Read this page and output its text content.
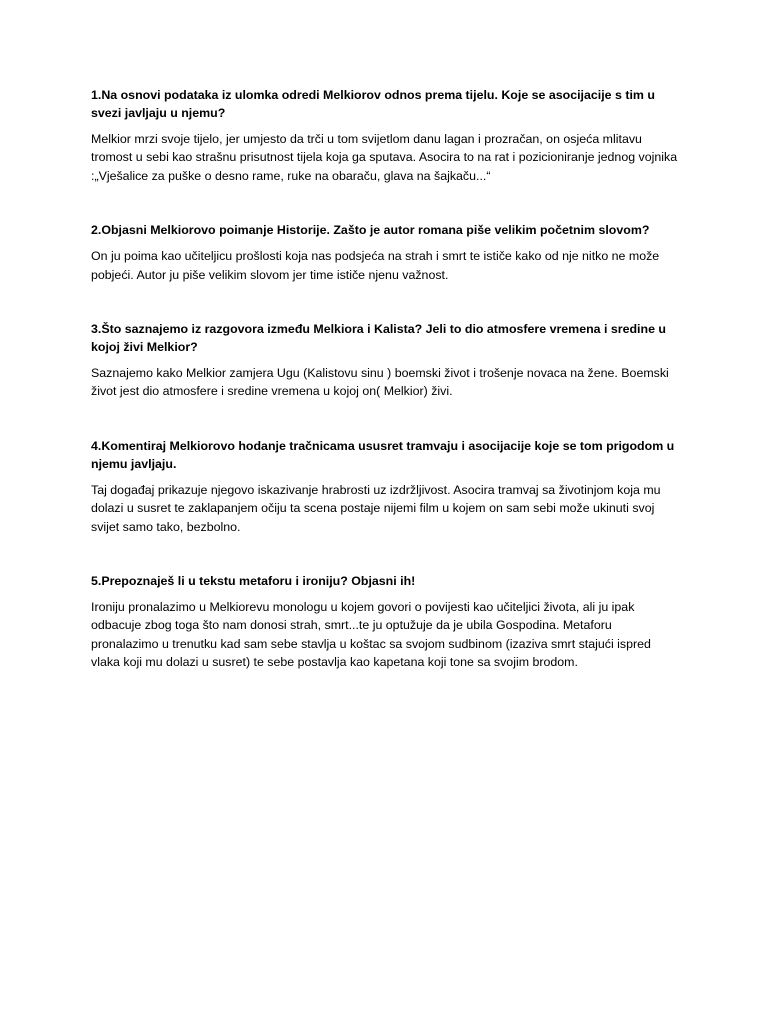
1.Na osnovi podataka iz ulomka odredi Melkiorov odnos prema tijelu. Koje se asocijacije s tim u svezi javljaju u njemu?

Melkior mrzi svoje tijelo, jer umjesto da trči u tom svijetlom danu lagan i prozračan, on osjeća mlitavu tromost u sebi kao strašnu prisutnost tijela koja ga sputava. Asocira to na rat i pozicioniranje jednog vojnika :„Vješalice za puške o desno rame, ruke na obaraču, glava na šajkaču...“

2.Objasni Melkiorovo poimanje Historije. Zašto je autor romana piše velikim početnim slovom?

On ju poima kao učiteljicu prošlosti koja nas podsjeća na strah i smrt te ističe kako od nje nitko ne može pobjeći. Autor ju piše velikim slovom jer time ističe njenu važnost.

3.Što saznajemo iz razgovora između Melkiora i Kalista? Jeli to dio atmosfere vremena i sredine u kojoj živi Melkior?

Saznajemo kako Melkior zamjera Ugu (Kalistovu sinu ) boemski život i trošenje novaca na žene. Boemski život jest dio atmosfere i sredine vremena u kojoj on( Melkior) živi.

4.Komentiraj Melkiorovo hodanje tračnicama ususret tramvaju i asocijacije koje se tom prigodom u njemu javljaju.

Taj događaj prikazuje njegovo iskazivanje hrabrosti uz izdržljivost. Asocira tramvaj sa životinjom koja mu dolazi u susret te zaklapanjem očiju ta scena postaje nijemi film u kojem on sam sebi može ukinuti svoj svijet samo tako, bezbolno.

5.Prepoznaješ li u tekstu metaforu i ironiju? Objasni ih!

Ironiju pronalazimo u Melkiorevu monologu u kojem govori o povijesti kao učiteljici života, ali ju ipak odbacuje zbog toga što nam donosi strah, smrt...te ju optužuje da je ubila Gospodina. Metaforu pronalazimo u trenutku kad sam sebe stavlja u koštac sa svojom sudbinom (izaziva smrt stajući ispred vlaka koji mu dolazi u susret) te sebe postavlja kao kapetana koji tone sa svojim brodom.
